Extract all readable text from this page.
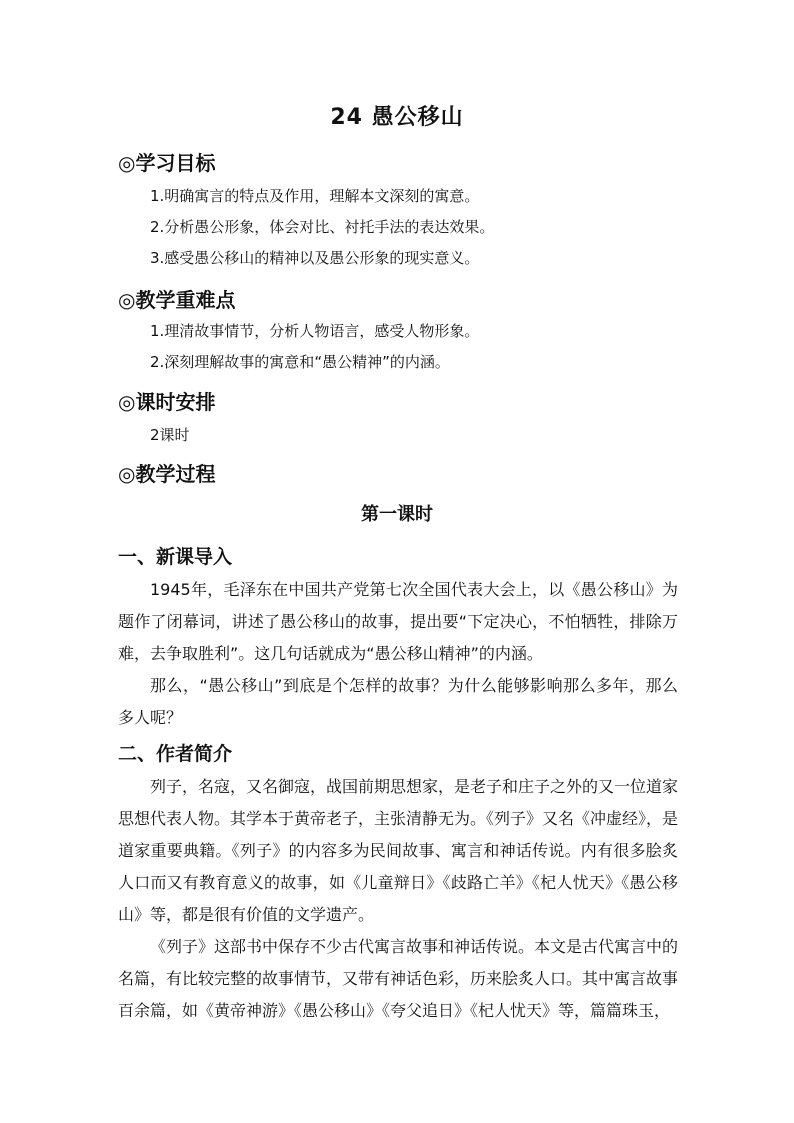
24 愚公移山
◎学习目标
1.明确寓言的特点及作用，理解本文深刻的寓意。
2.分析愚公形象，体会对比、衬托手法的表达效果。
3.感受愚公移山的精神以及愚公形象的现实意义。
◎教学重难点
1.理清故事情节，分析人物语言，感受人物形象。
2.深刻理解故事的寓意和“愚公精神”的内涵。
◎课时安排
2课时
◎教学过程
第一课时
一、新课导入
1945年，毛泽东在中国共产党第七次全国代表大会上，以《愚公移山》为题作了闭幕词，讲述了愚公移山的故事，提出要“下定决心，不怕牺牲，排除万难，去争取胜利”。这几句话就成为“愚公移山精神”的内涵。
那么，“愚公移山”到底是个怎样的故事？为什么能够影响那么多年，那么多人呢？
二、作者简介
列子，名寇，又名御寇，战国前期思想家，是老子和庄子之外的又一位道家思想代表人物。其学本于黄帝老子，主张清静无为。《列子》又名《冲虚经》，是道家重要典籍。《列子》的内容多为民间故事、寓言和神话传说。内有很多脍炙人口而又有教育意义的故事，如《儿童辩日》《歧路亡羊》《杞人忧天》《愚公移山》等，都是很有价值的文学遗产。
《列子》这部书中保存不少古代寓言故事和神话传说。本文是古代寓言中的名篇，有比较完整的故事情节，又带有神话色彩，历来脍炙人口。其中寓言故事百余篇，如《黄帝神游》《愚公移山》《夸父追日》《杞人忧天》等，篇篇珠玉，
